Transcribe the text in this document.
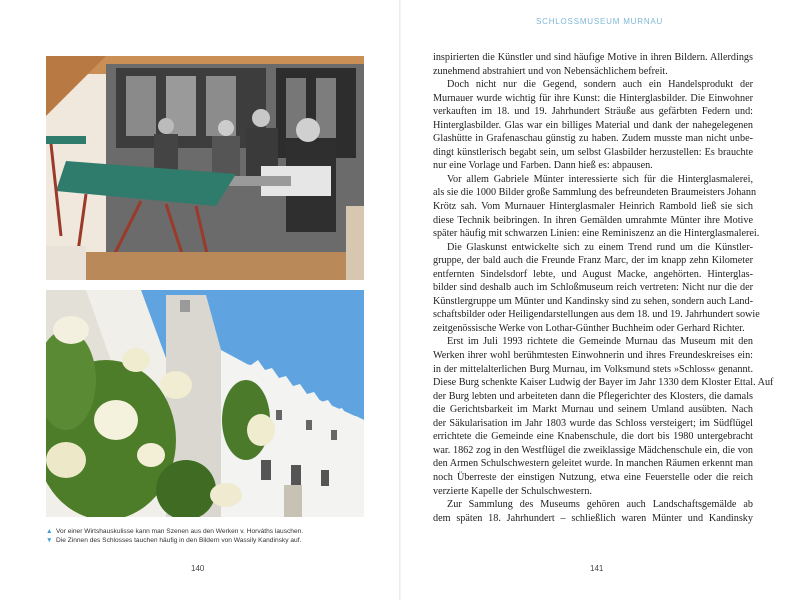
SCHLOSSMUSEUM MURNAU
▲ Vor einer Wirtshauskulisse kann man Szenen aus den Werken v. Horváths lauschen.
▼ Die Zinnen des Schlosses tauchen häufig in den Bildern von Wassily Kandinsky auf.
140	141
inspirierten die Künstler und sind häufige Motive in ihren Bildern. Allerdings
zunehmend abstrahiert und von Nebensächlichem befreit.
Doch nicht nur die Gegend, sondern auch ein Handelsprodukt der
Murnauer wurde wichtig für ihre Kunst: die Hinterglasbilder. Die Einwohner
verkauften im 18. und 19. Jahrhundert Sträuße aus gefärbten Federn und:
Hinterglasbilder. Glas war ein billiges Material und dank der nahegelegenen
Glashütte in Grafenaschau günstig zu haben. Zudem musste man nicht unbe-
dingt künstlerisch begabt sein, um selbst Glasbilder herzustellen: Es brauchte
nur eine Vorlage und Farben. Dann hieß es: abpausen.
Vor allem Gabriele Münter interessierte sich für die Hinterglasmalerei,
als sie die 1000 Bilder große Sammlung des befreundeten Braumeisters Johann
Krötz sah. Vom Murnauer Hinterglasmaler Heinrich Rambold ließ sie sich
diese Technik beibringen. In ihren Gemälden umrahmte Münter ihre Motive
später häufig mit schwarzen Linien: eine Reminiszenz an die Hinterglasmalerei.
Die Glaskunst entwickelte sich zu einem Trend rund um die Künstler-
gruppe, der bald auch die Freunde Franz Marc, der im knapp zehn Kilometer
entfernten Sindelsdorf lebte, und August Macke, angehörten. Hinterglas-
bilder sind deshalb auch im Schloßmuseum reich vertreten: Nicht nur die der
Künstlergruppe um Münter und Kandinsky sind zu sehen, sondern auch Land-
schaftsbilder oder Heiligendarstellungen aus dem 18. und 19. Jahrhundert sowie
zeitgenössische Werke von Lothar-Günther Buchheim oder Gerhard Richter.
Erst im Juli 1993 richtete die Gemeinde Murnau das Museum mit den
Werken ihrer wohl berühmtesten Einwohnerin und ihres Freundeskreises ein:
in der mittelalterlichen Burg Murnau, im Volksmund stets »Schloss« genannt.
Diese Burg schenkte Kaiser Ludwig der Bayer im Jahr 1330 dem Kloster Ettal. Auf
der Burg lebten und arbeiteten dann die Pflegerichter des Klosters, die damals
die Gerichtsbarkeit im Markt Murnau und seinem Umland ausübten. Nach
der Säkularisation im Jahr 1803 wurde das Schloss versteigert; im Südflügel
errichtete die Gemeinde eine Knabenschule, die dort bis 1980 untergebracht
war. 1862 zog in den Westflügel die zweiklassige Mädchenschule ein, die von
den Armen Schulschwestern geleitet wurde. In manchen Räumen erkennt man
noch Überreste der einstigen Nutzung, etwa eine Feuerstelle oder die reich
verzierte Kapelle der Schulschwestern.
Zur Sammlung des Museums gehören auch Landschaftsgemälde ab
dem späten 18. Jahrhundert – schließlich waren Münter und Kandinsky
